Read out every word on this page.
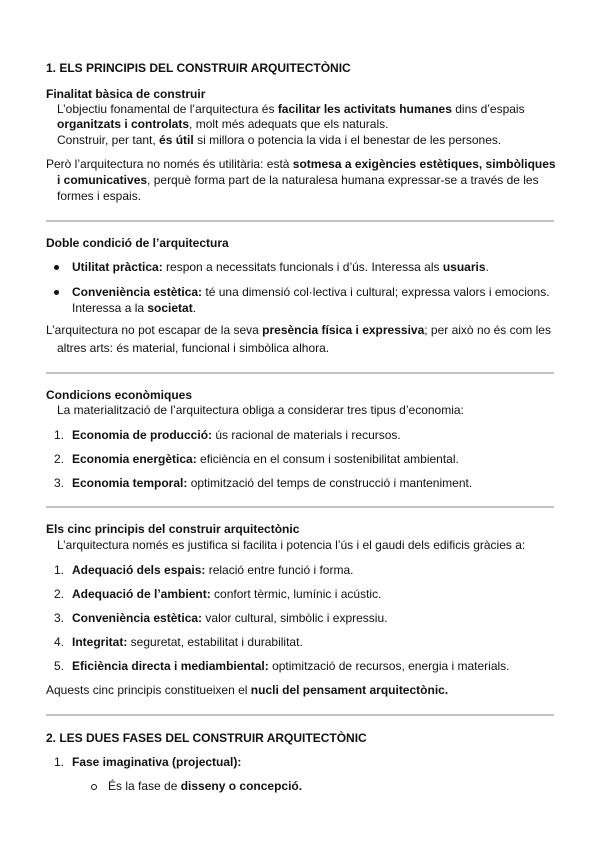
1. ELS PRINCIPIS DEL CONSTRUIR ARQUITECTÒNIC
Finalitat bàsica de construir
L’objectiu fonamental de l’arquitectura és facilitar les activitats humanes dins d’espais
organitzats i controlats, molt més adequats que els naturals.
Construir, per tant, és útil si millora o potencia la vida i el benestar de les persones.
Però l’arquitectura no només és utilitària: està sotmesa a exigències estètiques, simbòliques
i comunicatives, perquè forma part de la naturalesa humana expressar-se a través de les
formes i espais.
Doble condició de l’arquitectura
Utilitat pràctica: respon a necessitats funcionals i d’ús. Interessa als usuaris.
Conveniència estètica: té una dimensió col·lectiva i cultural; expressa valors i emocions.
Interessa a la societat.
L’arquitectura no pot escapar de la seva presència física i expressiva; per això no és com les
altres arts: és material, funcional i simbòlica alhora.
Condicions econòmiques
La materialització de l’arquitectura obliga a considerar tres tipus d’economia:
1. Economia de producció: ús racional de materials i recursos.
2. Economia energètica: eficiència en el consum i sostenibilitat ambiental.
3. Economia temporal: optimització del temps de construcció i manteniment.
Els cinc principis del construir arquitectònic
L’arquitectura només es justifica si facilita i potencia l’ús i el gaudi dels edificis gràcies a:
1. Adequació dels espais: relació entre funció i forma.
2. Adequació de l’ambient: confort tèrmic, lumínic i acústic.
3. Conveniència estètica: valor cultural, simbòlic i expressiu.
4. Integritat: seguretat, estabilitat i durabilitat.
5. Eficiència directa i mediambiental: optimització de recursos, energia i materials.
Aquests cinc principis constitueixen el nucli del pensament arquitectònic.
2. LES DUES FASES DEL CONSTRUIR ARQUITECTÒNIC
1. Fase imaginativa (projectual):
És la fase de disseny o concepció.
